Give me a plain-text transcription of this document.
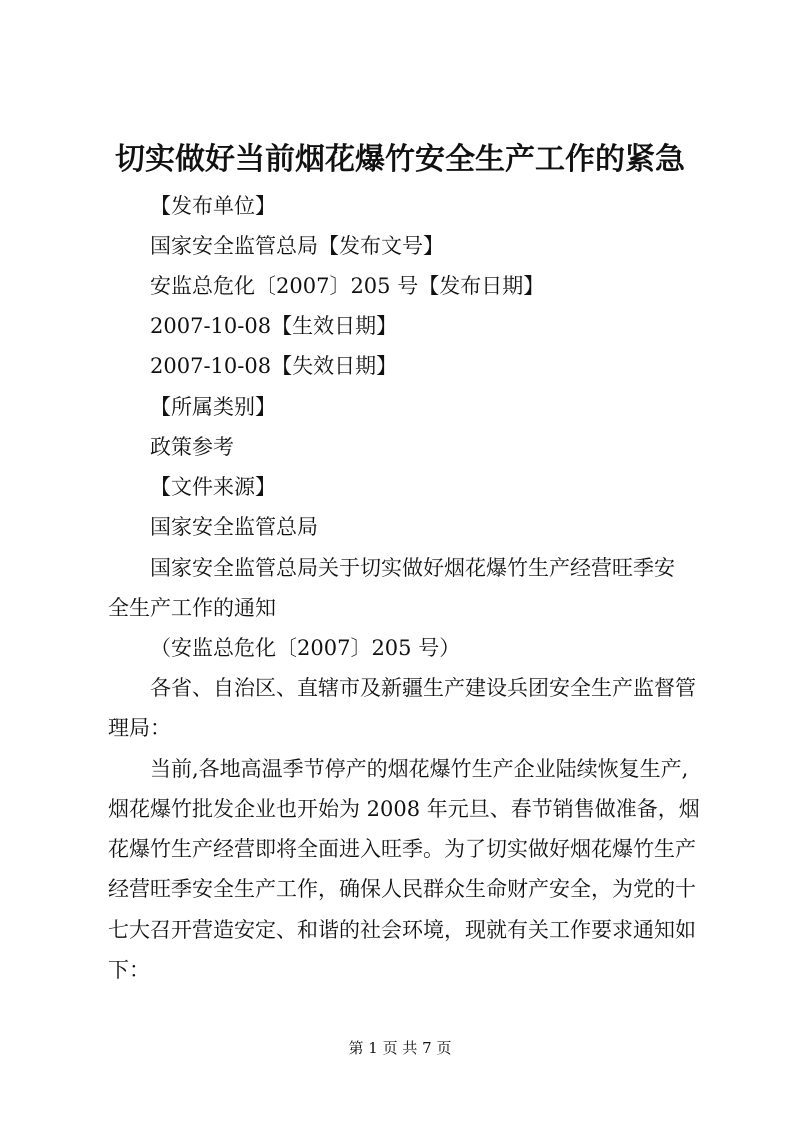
切实做好当前烟花爆竹安全生产工作的紧急
【发布单位】
国家安全监管总局【发布文号】
安监总危化〔2007〕205 号【发布日期】
2007-10-08【生效日期】
2007-10-08【失效日期】
【所属类别】
政策参考
【文件来源】
国家安全监管总局
国家安全监管总局关于切实做好烟花爆竹生产经营旺季安
全生产工作的通知
（安监总危化〔2007〕205 号）
各省、自治区、直辖市及新疆生产建设兵团安全生产监督管
理局：
当前,各地高温季节停产的烟花爆竹生产企业陆续恢复生产,
烟花爆竹批发企业也开始为 2008 年元旦、春节销售做准备，烟
花爆竹生产经营即将全面进入旺季。为了切实做好烟花爆竹生产
经营旺季安全生产工作，确保人民群众生命财产安全，为党的十
七大召开营造安定、和谐的社会环境，现就有关工作要求通知如
下：
第 1 页 共 7 页
